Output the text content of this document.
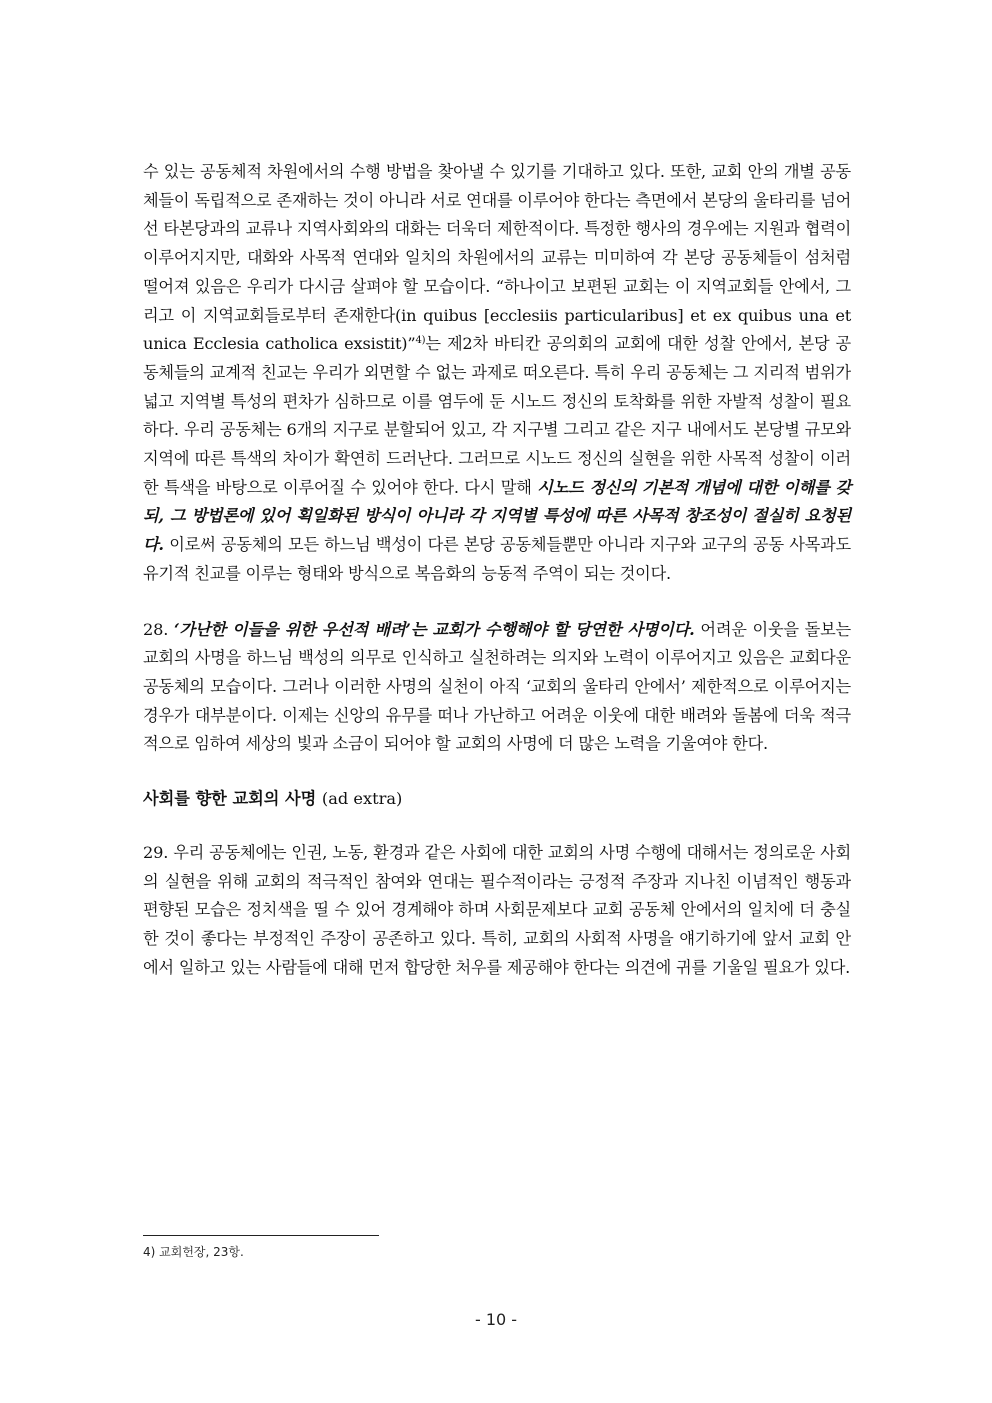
수 있는 공동체적 차원에서의 수행 방법을 찾아낼 수 있기를 기대하고 있다. 또한, 교회 안의 개별 공동체들이 독립적으로 존재하는 것이 아니라 서로 연대를 이루어야 한다는 측면에서 본당의 울타리를 넘어선 타본당과의 교류나 지역사회와의 대화는 더욱더 제한적이다. 특정한 행사의 경우에는 지원과 협력이 이루어지지만, 대화와 사목적 연대와 일치의 차원에서의 교류는 미미하여 각 본당 공동체들이 섬처럼 떨어져 있음은 우리가 다시금 살펴야 할 모습이다. “하나이고 보편된 교회는 이 지역교회들 안에서, 그리고 이 지역교회들로부터 존재한다(in quibus [ecclesiis particularibus] et ex quibus una et unica Ecclesia catholica exsistit)”$^{4)}$는 제2차 바티칸 공의회의 교회에 대한 성찰 안에서, 본당 공동체들의 교계적 친교는 우리가 외면할 수 없는 과제로 떠오른다. 특히 우리 공동체는 그 지리적 범위가 넓고 지역별 특성의 편차가 심하므로 이를 염두에 둔 시노드 정신의 토착화를 위한 자발적 성찰이 필요하다. 우리 공동체는 6개의 지구로 분할되어 있고, 각 지구별 그리고 같은 지구 내에서도 본당별 규모와 지역에 따른 특색의 차이가 확연히 드러난다. 그러므로 시노드 정신의 실현을 위한 사목적 성찰이 이러한 특색을 바탕으로 이루어질 수 있어야 한다. 다시 말해 시노드 정신의 기본적 개념에 대한 이해를 갖되, 그 방법론에 있어 획일화된 방식이 아니라 각 지역별 특성에 따른 사목적 창조성이 절실히 요청된다. 이로써 공동체의 모든 하느님 백성이 다른 본당 공동체들뿐만 아니라 지구와 교구의 공동 사목과도 유기적 친교를 이루는 형태와 방식으로 복음화의 능동적 주역이 되는 것이다.

28. ‘가난한 이들을 위한 우선적 배려’는 교회가 수행해야 할 당연한 사명이다. 어려운 이웃을 돌보는 교회의 사명을 하느님 백성의 의무로 인식하고 실천하려는 의지와 노력이 이루어지고 있음은 교회다운 공동체의 모습이다. 그러나 이러한 사명의 실천이 아직 ‘교회의 울타리 안에서’ 제한적으로 이루어지는 경우가 대부분이다. 이제는 신앙의 유무를 떠나 가난하고 어려운 이웃에 대한 배려와 돌봄에 더욱 적극적으로 임하여 세상의 빛과 소금이 되어야 할 교회의 사명에 더 많은 노력을 기울여야 한다.

사회를 향한 교회의 사명 (ad extra)

29. 우리 공동체에는 인권, 노동, 환경과 같은 사회에 대한 교회의 사명 수행에 대해서는 정의로운 사회의 실현을 위해 교회의 적극적인 참여와 연대는 필수적이라는 긍정적 주장과 지나친 이념적인 행동과 편향된 모습은 정치색을 띨 수 있어 경계해야 하며 사회문제보다 교회 공동체 안에서의 일치에 더 충실한 것이 좋다는 부정적인 주장이 공존하고 있다. 특히, 교회의 사회적 사명을 얘기하기에 앞서 교회 안에서 일하고 있는 사람들에 대해 먼저 합당한 처우를 제공해야 한다는 의견에 귀를 기울일 필요가 있다.

4) 교회헌장, 23항.
- 10 -
